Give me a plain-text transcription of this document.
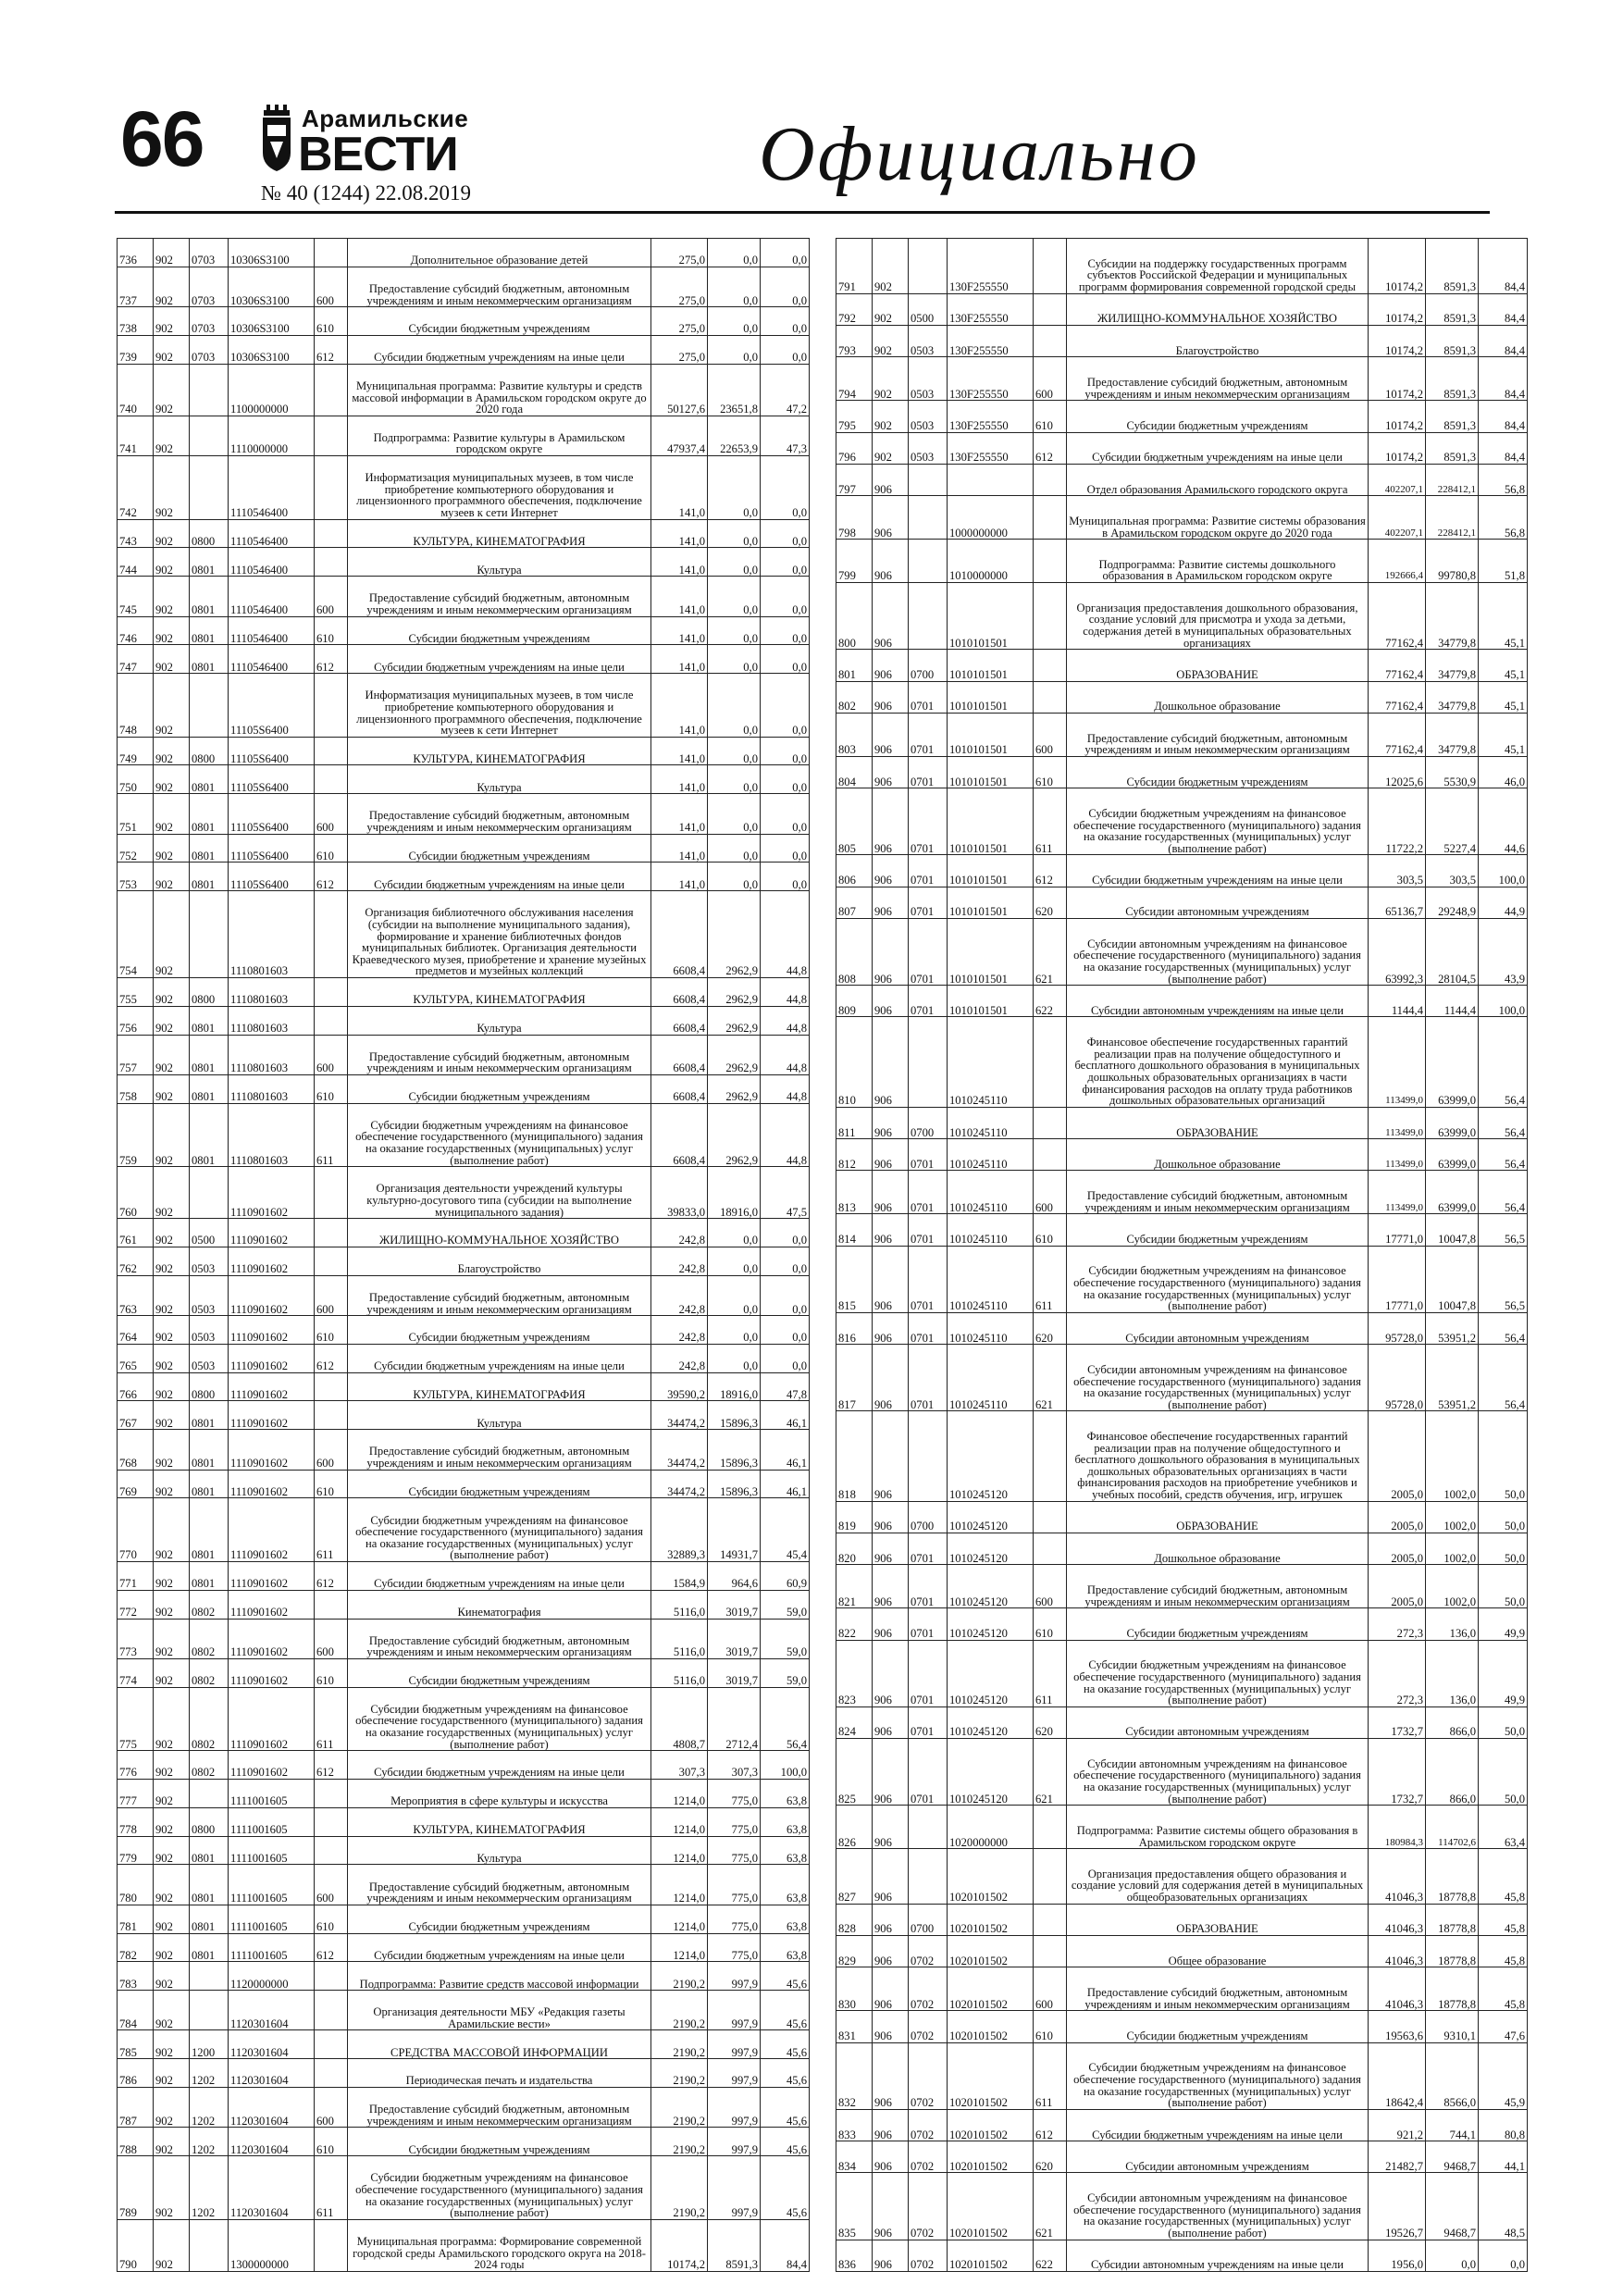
66	Арамильские
ВЕСТИ
№ 40 (1244) 22.08.2019	Официально
736	902	0703	10306S3100		Дополнительное образование детей	275,0	0,0	0,0
737	902	0703	10306S3100	600	Предоставление субсидий бюджетным, автономным учреждениям и иным некоммерческим организациям	275,0	0,0	0,0
738	902	0703	10306S3100	610	Субсидии бюджетным учреждениям	275,0	0,0	0,0
739	902	0703	10306S3100	612	Субсидии бюджетным учреждениям на иные цели	275,0	0,0	0,0
740	902		1100000000		Муниципальная программа: Развитие культуры и средств массовой информации в Арамильском городском округе до 2020 года	50127,6	23651,8	47,2
741	902		1110000000		Подпрограмма: Развитие культуры в Арамильском городском округе	47937,4	22653,9	47,3
742	902		1110546400		Информатизация муниципальных музеев, в том числе приобретение компьютерного оборудования и лицензионного программного обеспечения, подключение музеев к сети Интернет	141,0	0,0	0,0
743	902	0800	1110546400		КУЛЬТУРА, КИНЕМАТОГРАФИЯ	141,0	0,0	0,0
744	902	0801	1110546400		Культура	141,0	0,0	0,0
745	902	0801	1110546400	600	Предоставление субсидий бюджетным, автономным учреждениям и иным некоммерческим организациям	141,0	0,0	0,0
746	902	0801	1110546400	610	Субсидии бюджетным учреждениям	141,0	0,0	0,0
747	902	0801	1110546400	612	Субсидии бюджетным учреждениям на иные цели	141,0	0,0	0,0
748	902		11105S6400		Информатизация муниципальных музеев, в том числе приобретение компьютерного оборудования и лицензионного программного обеспечения, подключение музеев к сети Интернет	141,0	0,0	0,0
749	902	0800	11105S6400		КУЛЬТУРА, КИНЕМАТОГРАФИЯ	141,0	0,0	0,0
750	902	0801	11105S6400		Культура	141,0	0,0	0,0
751	902	0801	11105S6400	600	Предоставление субсидий бюджетным, автономным учреждениям и иным некоммерческим организациям	141,0	0,0	0,0
752	902	0801	11105S6400	610	Субсидии бюджетным учреждениям	141,0	0,0	0,0
753	902	0801	11105S6400	612	Субсидии бюджетным учреждениям на иные цели	141,0	0,0	0,0
754	902		1110801603		Организация библиотечного обслуживания населения (субсидии на выполнение муниципального задания), формирование и хранение библиотечных фондов муниципальных библиотек. Организация деятельности Краеведческого музея, приобретение и хранение музейных предметов и музейных коллекций	6608,4	2962,9	44,8
755	902	0800	1110801603		КУЛЬТУРА, КИНЕМАТОГРАФИЯ	6608,4	2962,9	44,8
756	902	0801	1110801603		Культура	6608,4	2962,9	44,8
757	902	0801	1110801603	600	Предоставление субсидий бюджетным, автономным учреждениям и иным некоммерческим организациям	6608,4	2962,9	44,8
758	902	0801	1110801603	610	Субсидии бюджетным учреждениям	6608,4	2962,9	44,8
759	902	0801	1110801603	611	Субсидии бюджетным учреждениям на финансовое обеспечение государственного (муниципального) задания на оказание государственных (муниципальных) услуг (выполнение работ)	6608,4	2962,9	44,8
760	902		1110901602		Организация деятельности учреждений культуры культурно-досугового типа (субсидии на выполнение муниципального задания)	39833,0	18916,0	47,5
761	902	0500	1110901602		ЖИЛИЩНО-КОММУНАЛЬНОЕ ХОЗЯЙСТВО	242,8	0,0	0,0
762	902	0503	1110901602		Благоустройство	242,8	0,0	0,0
763	902	0503	1110901602	600	Предоставление субсидий бюджетным, автономным учреждениям и иным некоммерческим организациям	242,8	0,0	0,0
764	902	0503	1110901602	610	Субсидии бюджетным учреждениям	242,8	0,0	0,0
765	902	0503	1110901602	612	Субсидии бюджетным учреждениям на иные цели	242,8	0,0	0,0
766	902	0800	1110901602		КУЛЬТУРА, КИНЕМАТОГРАФИЯ	39590,2	18916,0	47,8
767	902	0801	1110901602		Культура	34474,2	15896,3	46,1
768	902	0801	1110901602	600	Предоставление субсидий бюджетным, автономным учреждениям и иным некоммерческим организациям	34474,2	15896,3	46,1
769	902	0801	1110901602	610	Субсидии бюджетным учреждениям	34474,2	15896,3	46,1
770	902	0801	1110901602	611	Субсидии бюджетным учреждениям на финансовое обеспечение государственного (муниципального) задания на оказание государственных (муниципальных) услуг (выполнение работ)	32889,3	14931,7	45,4
771	902	0801	1110901602	612	Субсидии бюджетным учреждениям на иные цели	1584,9	964,6	60,9
772	902	0802	1110901602		Кинематография	5116,0	3019,7	59,0
773	902	0802	1110901602	600	Предоставление субсидий бюджетным, автономным учреждениям и иным некоммерческим организациям	5116,0	3019,7	59,0
774	902	0802	1110901602	610	Субсидии бюджетным учреждениям	5116,0	3019,7	59,0
775	902	0802	1110901602	611	Субсидии бюджетным учреждениям на финансовое обеспечение государственного (муниципального) задания на оказание государственных (муниципальных) услуг (выполнение работ)	4808,7	2712,4	56,4
776	902	0802	1110901602	612	Субсидии бюджетным учреждениям на иные цели	307,3	307,3	100,0
777	902		1111001605		Мероприятия в сфере культуры и искусства	1214,0	775,0	63,8
778	902	0800	1111001605		КУЛЬТУРА, КИНЕМАТОГРАФИЯ	1214,0	775,0	63,8
779	902	0801	1111001605		Культура	1214,0	775,0	63,8
780	902	0801	1111001605	600	Предоставление субсидий бюджетным, автономным учреждениям и иным некоммерческим организациям	1214,0	775,0	63,8
781	902	0801	1111001605	610	Субсидии бюджетным учреждениям	1214,0	775,0	63,8
782	902	0801	1111001605	612	Субсидии бюджетным учреждениям на иные цели	1214,0	775,0	63,8
783	902		1120000000		Подпрограмма: Развитие средств массовой информации	2190,2	997,9	45,6
784	902		1120301604		Организация деятельности МБУ «Редакция газеты Арамильские вести»	2190,2	997,9	45,6
785	902	1200	1120301604		СРЕДСТВА МАССОВОЙ ИНФОРМАЦИИ	2190,2	997,9	45,6
786	902	1202	1120301604		Периодическая печать и издательства	2190,2	997,9	45,6
787	902	1202	1120301604	600	Предоставление субсидий бюджетным, автономным учреждениям и иным некоммерческим организациям	2190,2	997,9	45,6
788	902	1202	1120301604	610	Субсидии бюджетным учреждениям	2190,2	997,9	45,6
789	902	1202	1120301604	611	Субсидии бюджетным учреждениям на финансовое обеспечение государственного (муниципального) задания на оказание государственных (муниципальных) услуг (выполнение работ)	2190,2	997,9	45,6
790	902		1300000000		Муниципальная программа: Формирование современной городской среды Арамильского городского округа на 2018-2024 годы	10174,2	8591,3	84,4
791	902		130F255550		Субсидии на поддержку государственных программ субъектов Российской Федерации и муниципальных программ формирования современной городской среды	10174,2	8591,3	84,4
792	902	0500	130F255550		ЖИЛИЩНО-КОММУНАЛЬНОЕ ХОЗЯЙСТВО	10174,2	8591,3	84,4
793	902	0503	130F255550		Благоустройство	10174,2	8591,3	84,4
794	902	0503	130F255550	600	Предоставление субсидий бюджетным, автономным учреждениям и иным некоммерческим организациям	10174,2	8591,3	84,4
795	902	0503	130F255550	610	Субсидии бюджетным учреждениям	10174,2	8591,3	84,4
796	902	0503	130F255550	612	Субсидии бюджетным учреждениям на иные цели	10174,2	8591,3	84,4
797	906				Отдел образования Арамильского городского округа	402207,1	228412,1	56,8
798	906		1000000000		Муниципальная программа: Развитие системы образования в Арамильском городском округе до 2020 года	402207,1	228412,1	56,8
799	906		1010000000		Подпрограмма: Развитие системы дошкольного образования в Арамильском городском округе	192666,4	99780,8	51,8
800	906		1010101501		Организация предоставления дошкольного образования, создание условий для присмотра и ухода за детьми, содержания детей в муниципальных образовательных организациях	77162,4	34779,8	45,1
801	906	0700	1010101501		ОБРАЗОВАНИЕ	77162,4	34779,8	45,1
802	906	0701	1010101501		Дошкольное образование	77162,4	34779,8	45,1
803	906	0701	1010101501	600	Предоставление субсидий бюджетным, автономным учреждениям и иным некоммерческим организациям	77162,4	34779,8	45,1
804	906	0701	1010101501	610	Субсидии бюджетным учреждениям	12025,6	5530,9	46,0
805	906	0701	1010101501	611	Субсидии бюджетным учреждениям на финансовое обеспечение государственного (муниципального) задания на оказание государственных (муниципальных) услуг (выполнение работ)	11722,2	5227,4	44,6
806	906	0701	1010101501	612	Субсидии бюджетным учреждениям на иные цели	303,5	303,5	100,0
807	906	0701	1010101501	620	Субсидии автономным учреждениям	65136,7	29248,9	44,9
808	906	0701	1010101501	621	Субсидии автономным учреждениям на финансовое обеспечение государственного (муниципального) задания на оказание государственных (муниципальных) услуг (выполнение работ)	63992,3	28104,5	43,9
809	906	0701	1010101501	622	Субсидии автономным учреждениям на иные цели	1144,4	1144,4	100,0
810	906		1010245110		Финансовое обеспечение государственных гарантий реализации прав на получение общедоступного и бесплатного дошкольного образования в муниципальных дошкольных образовательных организациях в части финансирования расходов на оплату труда работников дошкольных образовательных организаций	113499,0	63999,0	56,4
811	906	0700	1010245110		ОБРАЗОВАНИЕ	113499,0	63999,0	56,4
812	906	0701	1010245110		Дошкольное образование	113499,0	63999,0	56,4
813	906	0701	1010245110	600	Предоставление субсидий бюджетным, автономным учреждениям и иным некоммерческим организациям	113499,0	63999,0	56,4
814	906	0701	1010245110	610	Субсидии бюджетным учреждениям	17771,0	10047,8	56,5
815	906	0701	1010245110	611	Субсидии бюджетным учреждениям на финансовое обеспечение государственного (муниципального) задания на оказание государственных (муниципальных) услуг (выполнение работ)	17771,0	10047,8	56,5
816	906	0701	1010245110	620	Субсидии автономным учреждениям	95728,0	53951,2	56,4
817	906	0701	1010245110	621	Субсидии автономным учреждениям на финансовое обеспечение государственного (муниципального) задания на оказание государственных (муниципальных) услуг (выполнение работ)	95728,0	53951,2	56,4
818	906		1010245120		Финансовое обеспечение государственных гарантий реализации прав на получение общедоступного и бесплатного дошкольного образования в муниципальных дошкольных образовательных организациях в части финансирования расходов на приобретение учебников и учебных пособий, средств обучения, игр, игрушек	2005,0	1002,0	50,0
819	906	0700	1010245120		ОБРАЗОВАНИЕ	2005,0	1002,0	50,0
820	906	0701	1010245120		Дошкольное образование	2005,0	1002,0	50,0
821	906	0701	1010245120	600	Предоставление субсидий бюджетным, автономным учреждениям и иным некоммерческим организациям	2005,0	1002,0	50,0
822	906	0701	1010245120	610	Субсидии бюджетным учреждениям	272,3	136,0	49,9
823	906	0701	1010245120	611	Субсидии бюджетным учреждениям на финансовое обеспечение государственного (муниципального) задания на оказание государственных (муниципальных) услуг (выполнение работ)	272,3	136,0	49,9
824	906	0701	1010245120	620	Субсидии автономным учреждениям	1732,7	866,0	50,0
825	906	0701	1010245120	621	Субсидии автономным учреждениям на финансовое обеспечение государственного (муниципального) задания на оказание государственных (муниципальных) услуг (выполнение работ)	1732,7	866,0	50,0
826	906		1020000000		Подпрограмма: Развитие системы общего образования в Арамильском городском округе	180984,3	114702,6	63,4
827	906		1020101502		Организация предоставления общего образования и создание условий для содержания детей в муниципальных общеобразовательных организациях	41046,3	18778,8	45,8
828	906	0700	1020101502		ОБРАЗОВАНИЕ	41046,3	18778,8	45,8
829	906	0702	1020101502		Общее образование	41046,3	18778,8	45,8
830	906	0702	1020101502	600	Предоставление субсидий бюджетным, автономным учреждениям и иным некоммерческим организациям	41046,3	18778,8	45,8
831	906	0702	1020101502	610	Субсидии бюджетным учреждениям	19563,6	9310,1	47,6
832	906	0702	1020101502	611	Субсидии бюджетным учреждениям на финансовое обеспечение государственного (муниципального) задания на оказание государственных (муниципальных) услуг (выполнение работ)	18642,4	8566,0	45,9
833	906	0702	1020101502	612	Субсидии бюджетным учреждениям на иные цели	921,2	744,1	80,8
834	906	0702	1020101502	620	Субсидии автономным учреждениям	21482,7	9468,7	44,1
835	906	0702	1020101502	621	Субсидии автономным учреждениям на финансовое обеспечение государственного (муниципального) задания на оказание государственных (муниципальных) услуг (выполнение работ)	19526,7	9468,7	48,5
836	906	0702	1020101502	622	Субсидии автономным учреждениям на иные цели	1956,0	0,0	0,0
